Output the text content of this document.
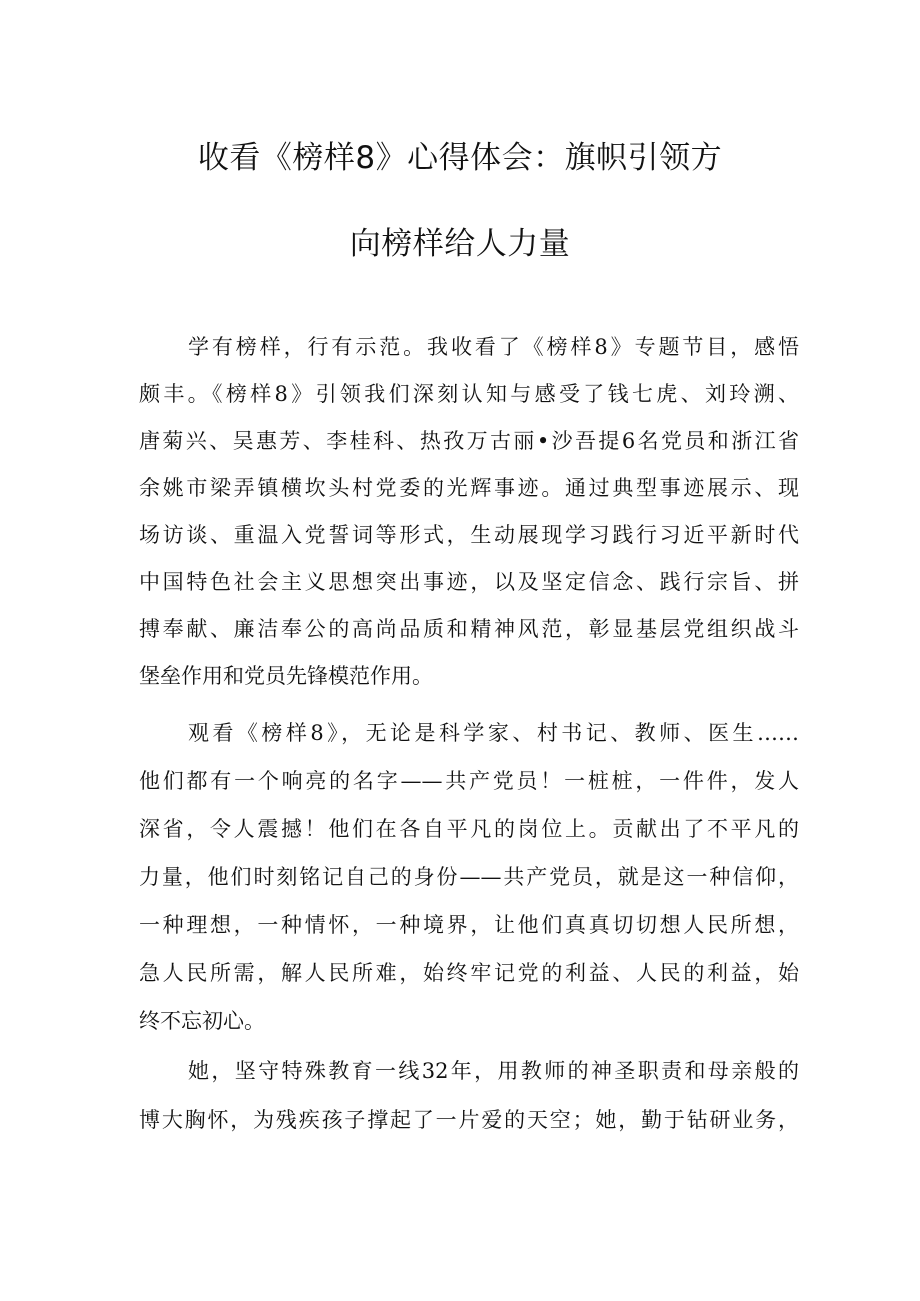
收看《榜样8》心得体会：旗帜引领方
向榜样给人力量
学有榜样，行有示范。我收看了《榜样8》专题节目，感悟
颇丰。《榜样8》引领我们深刻认知与感受了钱七虎、刘玲溯、
唐菊兴、吴惠芳、李桂科、热孜万古丽•沙吾提6名党员和浙江省
余姚市梁弄镇横坎头村党委的光辉事迹。通过典型事迹展示、现
场访谈、重温入党誓词等形式，生动展现学习践行习近平新时代
中国特色社会主义思想突出事迹，以及坚定信念、践行宗旨、拼
搏奉献、廉洁奉公的高尚品质和精神风范，彰显基层党组织战斗
堡垒作用和党员先锋模范作用。
观看《榜样8》，无论是科学家、村书记、教师、医生……
他们都有一个响亮的名字——共产党员！一桩桩，一件件，发人
深省，令人震撼！他们在各自平凡的岗位上。贡献出了不平凡的
力量，他们时刻铭记自己的身份——共产党员，就是这一种信仰，
一种理想，一种情怀，一种境界，让他们真真切切想人民所想，
急人民所需，解人民所难，始终牢记党的利益、人民的利益，始
终不忘初心。
她，坚守特殊教育一线32年，用教师的神圣职责和母亲般的
博大胸怀，为残疾孩子撑起了一片爱的天空；她，勤于钻研业务，
